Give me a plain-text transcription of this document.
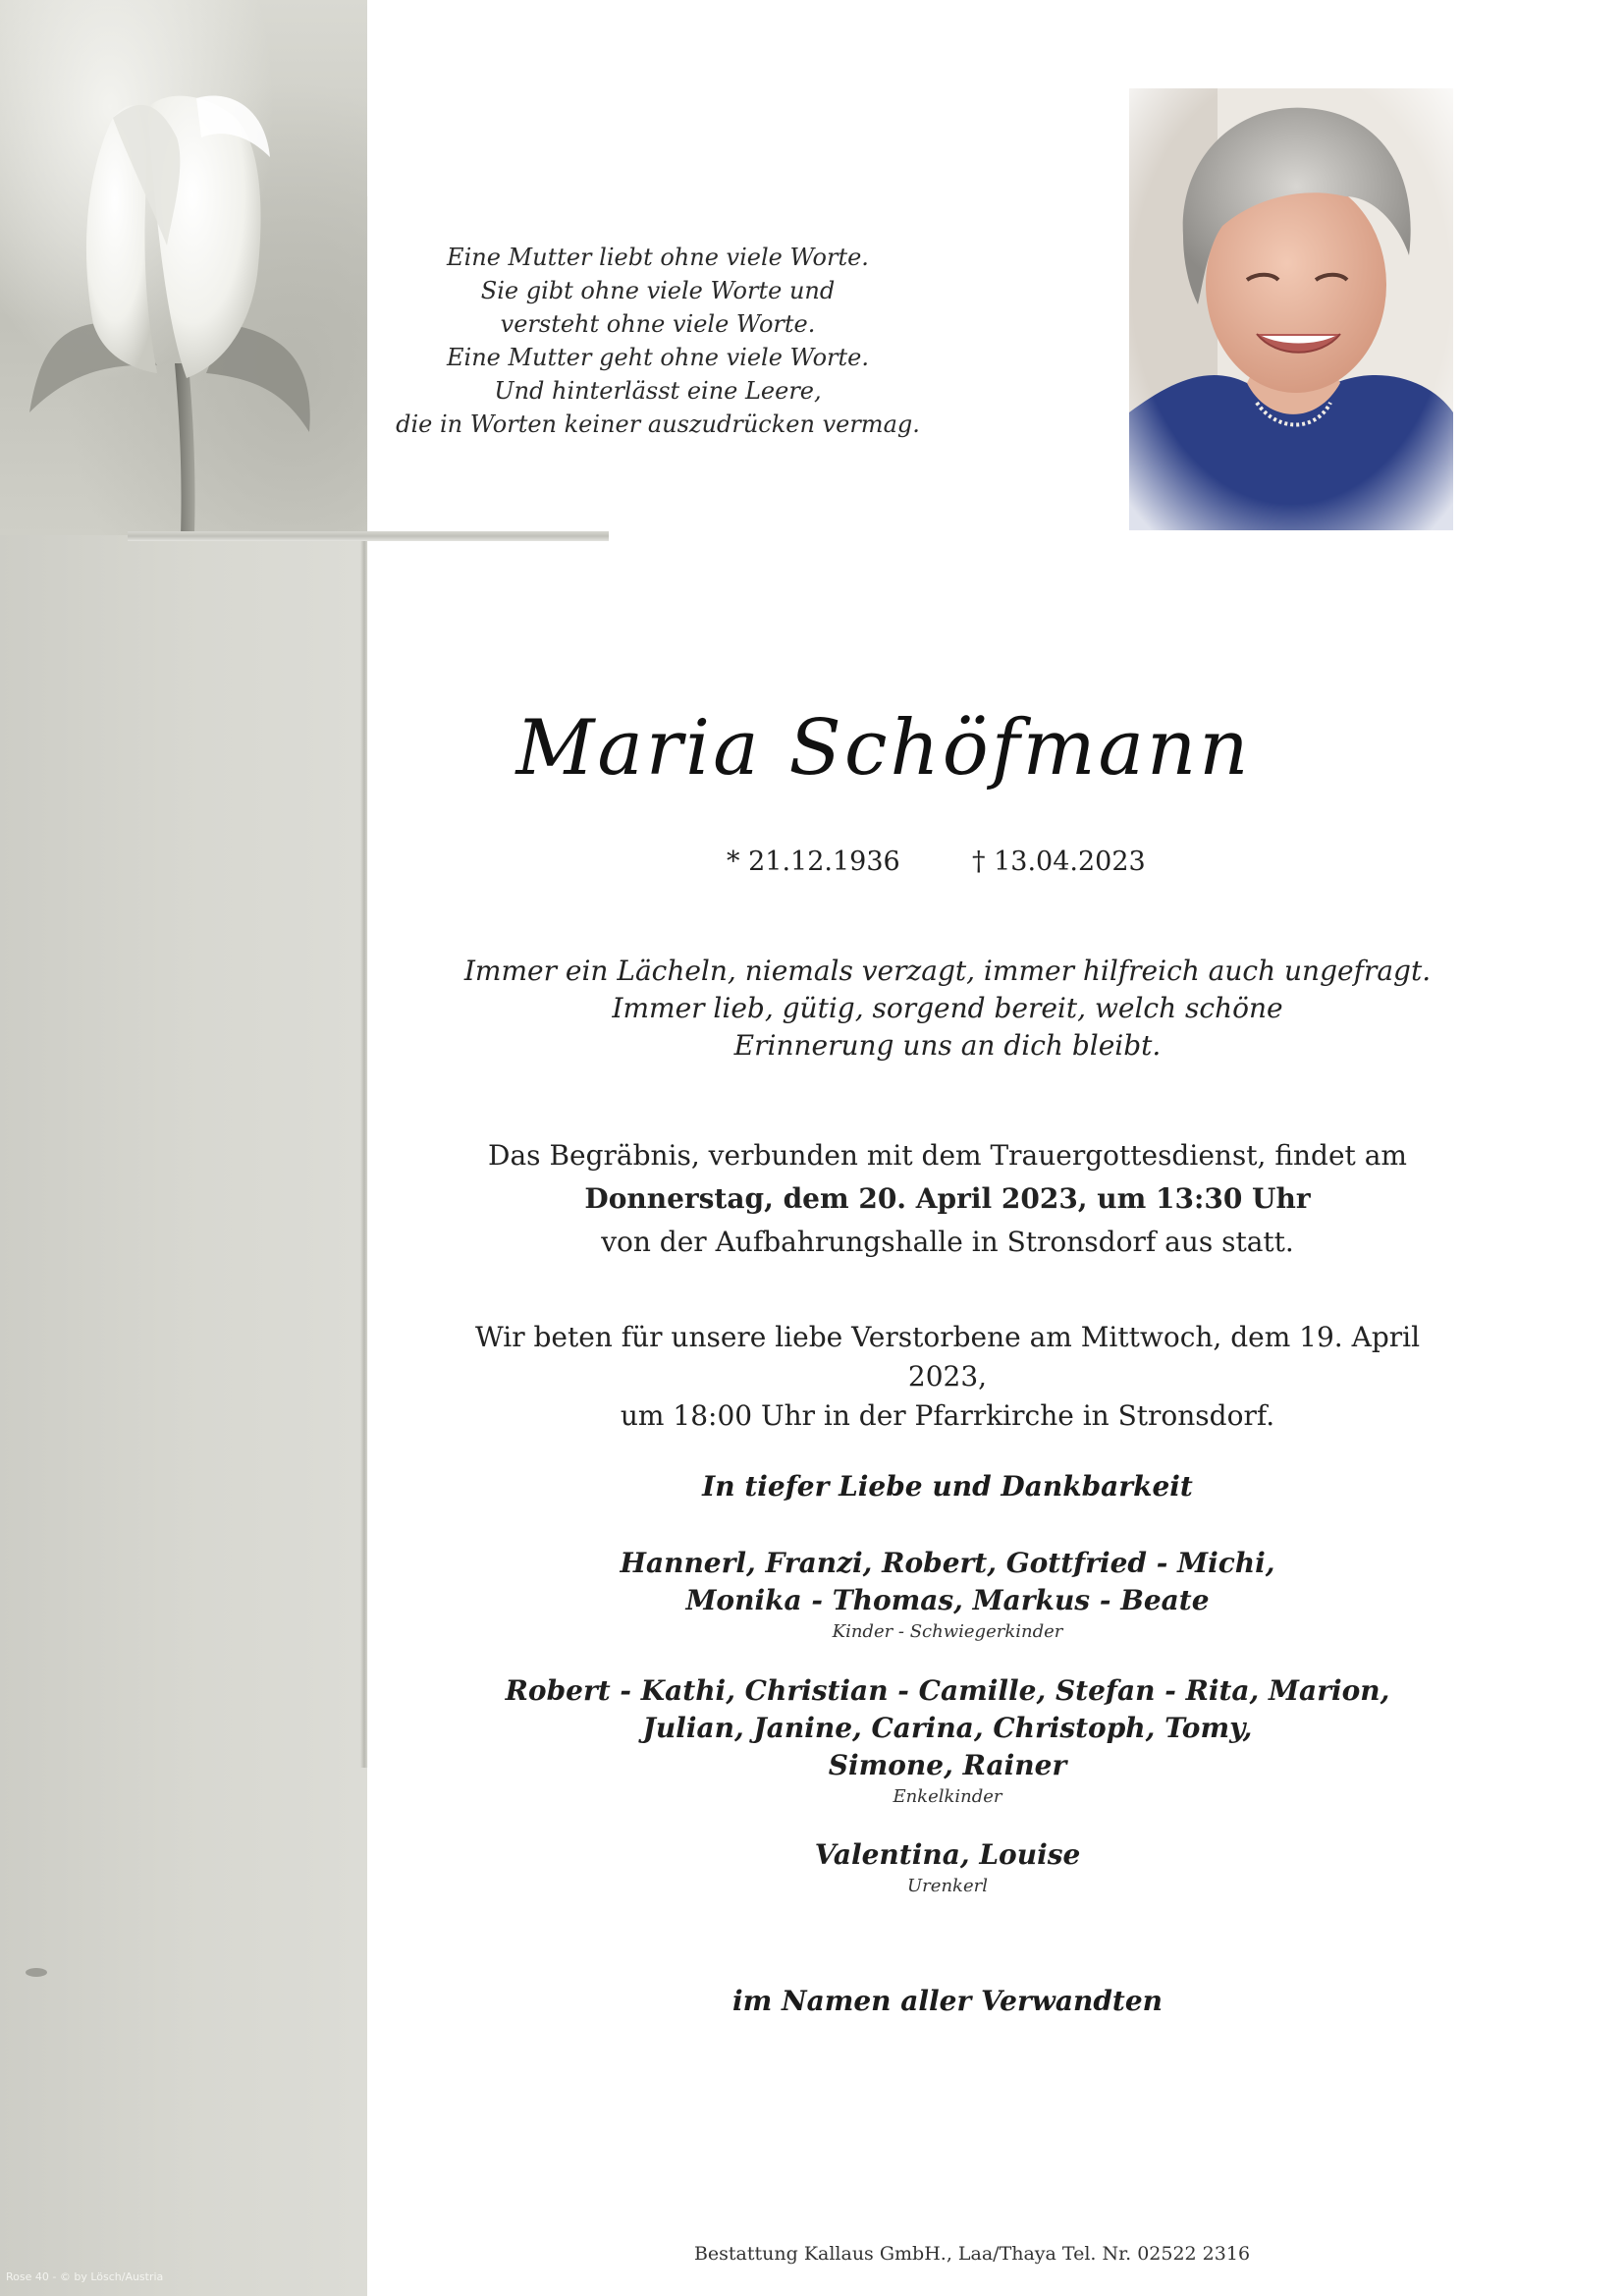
Eine Mutter liebt ohne viele Worte.
Sie gibt ohne viele Worte und
versteht ohne viele Worte.
Eine Mutter geht ohne viele Worte.
Und hinterlässt eine Leere,
die in Worten keiner auszudrücken vermag.
Maria Schöfmann
* 21.12.1936	† 13.04.2023
Immer ein Lächeln, niemals verzagt, immer hilfreich auch ungefragt.
Immer lieb, gütig, sorgend bereit, welch schöne
Erinnerung uns an dich bleibt.
Das Begräbnis, verbunden mit dem Trauergottesdienst, findet am
Donnerstag, dem 20. April 2023, um 13:30 Uhr
von der Aufbahrungshalle in Stronsdorf aus statt.
Wir beten für unsere liebe Verstorbene am Mittwoch, dem 19. April 2023,
um 18:00 Uhr in der Pfarrkirche in Stronsdorf.
In tiefer Liebe und Dankbarkeit
Hannerl, Franzi, Robert, Gottfried - Michi,
Monika - Thomas, Markus - Beate
Kinder - Schwiegerkinder
Robert - Kathi, Christian - Camille, Stefan - Rita, Marion,
Julian, Janine, Carina, Christoph, Tomy,
Simone, Rainer
Enkelkinder
Valentina, Louise
Urenkerl
im Namen aller Verwandten
Bestattung Kallaus GmbH., Laa/Thaya Tel. Nr. 02522 2316
Rose 40 - © by Lösch/Austria
